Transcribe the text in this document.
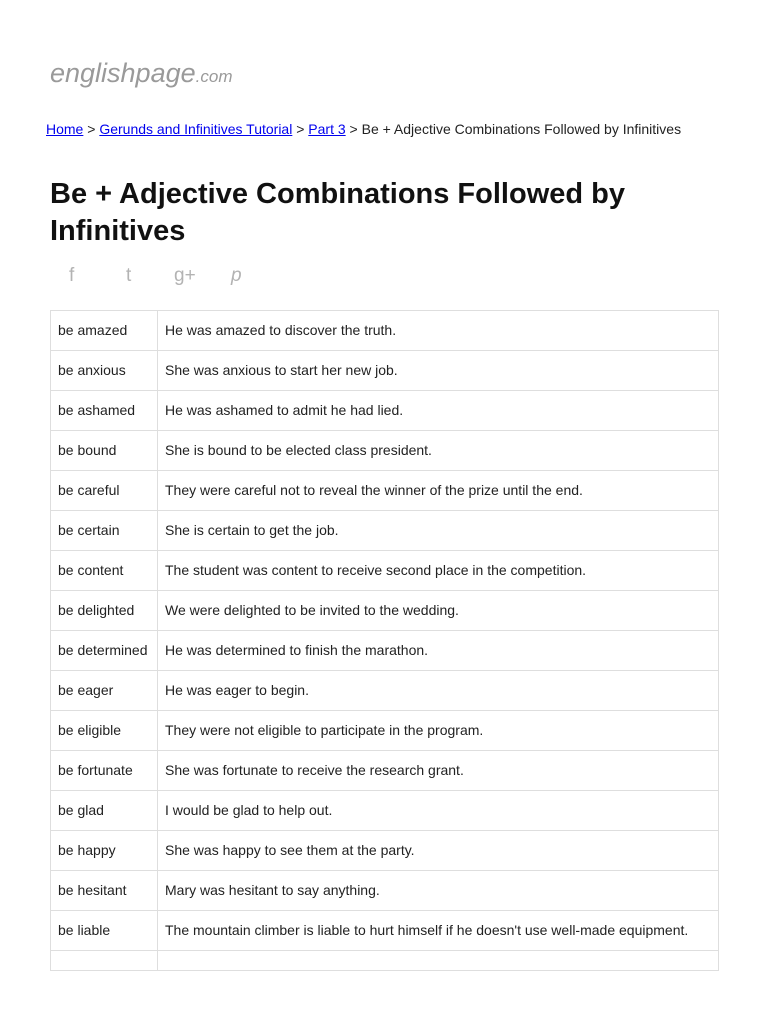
englishpage.com
Home > Gerunds and Infinitives Tutorial > Part 3 > Be + Adjective Combinations Followed by Infinitives
Be + Adjective Combinations Followed by Infinitives
f	t	g+	p
be amazed	He was amazed to discover the truth.
be anxious	She was anxious to start her new job.
be ashamed	He was ashamed to admit he had lied.
be bound	She is bound to be elected class president.
be careful	They were careful not to reveal the winner of the prize until the end.
be certain	She is certain to get the job.
be content	The student was content to receive second place in the competition.
be delighted	We were delighted to be invited to the wedding.
be determined	He was determined to finish the marathon.
be eager	He was eager to begin.
be eligible	They were not eligible to participate in the program.
be fortunate	She was fortunate to receive the research grant.
be glad	I would be glad to help out.
be happy	She was happy to see them at the party.
be hesitant	Mary was hesitant to say anything.
be liable	The mountain climber is liable to hurt himself if he doesn't use well-made equipment.
